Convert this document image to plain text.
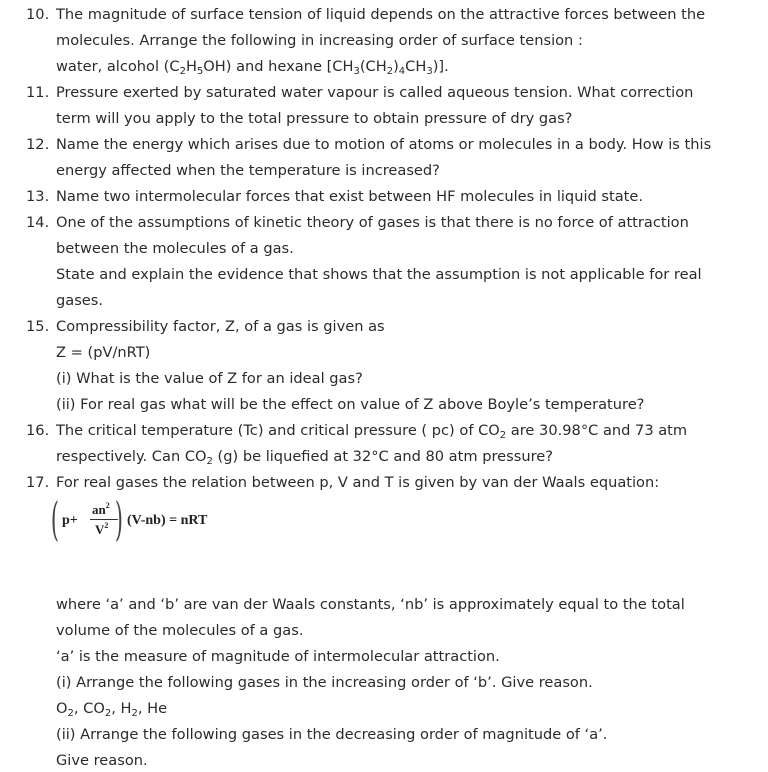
10. The magnitude of surface tension of liquid depends on the attractive forces between the
molecules. Arrange the following in increasing order of surface tension :
water, alcohol $(C_2H_5OH)$ and hexane $[CH_3(CH_2)_4CH_3)$].
11. Pressure exerted by saturated water vapour is called aqueous tension. What correction
term will you apply to the total pressure to obtain pressure of dry gas?
12. Name the energy which arises due to motion of atoms or molecules in a body. How is this
energy affected when the temperature is increased?
13. Name two intermolecular forces that exist between HF molecules in liquid state.
14. One of the assumptions of kinetic theory of gases is that there is no force of attraction
between the molecules of a gas.
State and explain the evidence that shows that the assumption is not applicable for real
gases.
15. Compressibility factor, Z, of a gas is given as
Z = (pV/nRT)
(i) What is the value of Z for an ideal gas?
(ii) For real gas what will be the effect on value of Z above Boyle’s temperature?
16. The critical temperature (Tc) and critical pressure ( pc) of $CO_2$ are 30.98°C and 73 atm
respectively. Can $CO_2$ (g) be liquefied at 32°C and 80 atm pressure?
17. For real gases the relation between p, V and T is given by van der Waals equation:
( p+
$an^2$
$V^2$ ) (V-nb) = nRT
where ‘a’ and ‘b’ are van der Waals constants, ‘nb’ is approximately equal to the total
volume of the molecules of a gas.
‘a’ is the measure of magnitude of intermolecular attraction.
(i) Arrange the following gases in the increasing order of ‘b’. Give reason.
$O_2$, $CO_2$, $H_2$, He
(ii) Arrange the following gases in the decreasing order of magnitude of ‘a’.
Give reason.
